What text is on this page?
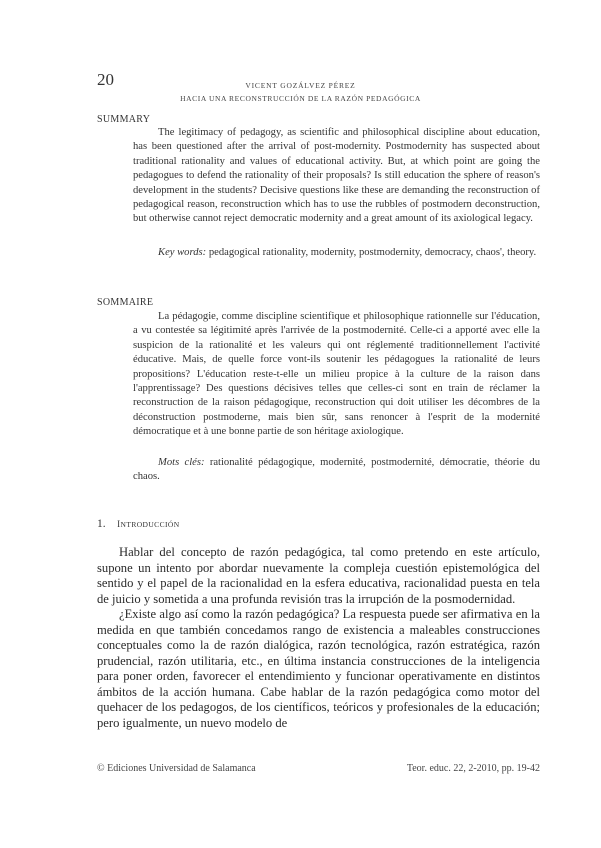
20	VICENT GOZÁLVEZ PÉREZ
HACIA UNA RECONSTRUCCIÓN DE LA RAZÓN PEDAGÓGICA
SUMMARY

The legitimacy of pedagogy, as scientific and philosophical discipline about education, has been questioned after the arrival of post-modernity. Postmodernity has suspected about traditional rationality and values of educational activity. But, at which point are going the pedagogues to defend the rationality of their proposals? Is still education the sphere of reason's development in the students? Decisive questions like these are demanding the reconstruction of pedagogical reason, reconstruction which has to use the rubbles of postmodern deconstruction, but otherwise cannot reject democratic modernity and a great amount of its axiological legacy.

Key words: pedagogical rationality, modernity, postmodernity, democracy, chaos', theory.

SOMMAIRE

La pédagogie, comme discipline scientifique et philosophique rationnelle sur l'éducation, a vu contestée sa légitimité après l'arrivée de la postmodernité. Celle-ci a apporté avec elle la suspicion de la rationalité et les valeurs qui ont réglementé traditionnellement l'activité éducative. Mais, de quelle force vont-ils soutenir les pédagogues la rationalité de leurs propositions? L'éducation reste-t-elle un milieu propice à la culture de la raison dans l'apprentissage? Des questions décisives telles que celles-ci sont en train de réclamer la reconstruction de la raison pédagogique, reconstruction qui doit utiliser les décombres de la déconstruction postmoderne, mais bien sûr, sans renoncer à l'esprit de la modernité démocratique et à une bonne partie de son héritage axiologique.

Mots clés: rationalité pédagogique, modernité, postmodernité, démocratie, théorie du chaos.

1. INTRODUCCIÓN

Hablar del concepto de razón pedagógica, tal como pretendo en este artículo, supone un intento por abordar nuevamente la compleja cuestión epistemológica del sentido y el papel de la racionalidad en la esfera educativa, racionalidad puesta en tela de juicio y sometida a una profunda revisión tras la irrupción de la posmodernidad.

¿Existe algo así como la razón pedagógica? La respuesta puede ser afirmativa en la medida en que también concedamos rango de existencia a maleables construcciones conceptuales como la de razón dialógica, razón tecnológica, razón estratégica, razón prudencial, razón utilitaria, etc., en última instancia construcciones de la inteligencia para poner orden, favorecer el entendimiento y funcionar operativamente en distintos ámbitos de la acción humana. Cabe hablar de la razón pedagógica como motor del quehacer de los pedagogos, de los científicos, teóricos y profesionales de la educación; pero igualmente, un nuevo modelo de

© Ediciones Universidad de Salamanca	Teor. educ. 22, 2-2010, pp. 19-42
